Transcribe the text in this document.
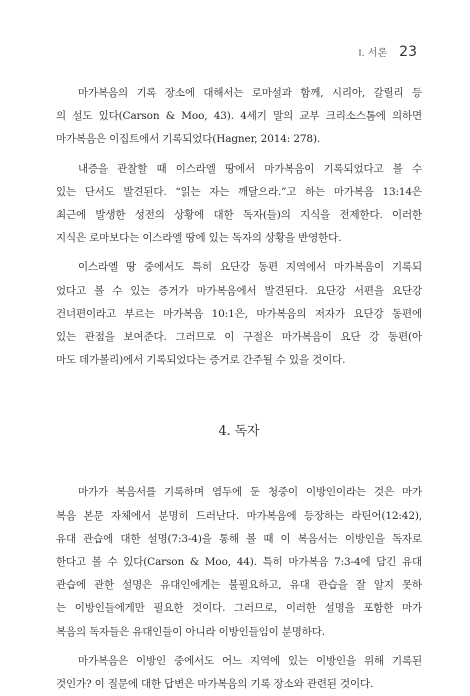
I. 서론 23

마가복음의 기록 장소에 대해서는 로마설과 함께, 시리아, 갈릴리 등
의 설도 있다(Carson & Moo, 43). 4세기 말의 교부 크리소스톰에 의하면
마가복음은 이집트에서 기록되었다(Hagner, 2014: 278).

내증을 관찰할 때 이스라엘 땅에서 마가복음이 기록되었다고 볼 수
있는 단서도 발견된다. “읽는 자는 깨달으라.”고 하는 마가복음 13:14은
최근에 발생한 성전의 상황에 대한 독자(들)의 지식을 전제한다. 이러한
지식은 로마보다는 이스라엘 땅에 있는 독자의 상황을 반영한다.

이스라엘 땅 중에서도 특히 요단강 동편 지역에서 마가복음이 기록되
었다고 볼 수 있는 증거가 마가복음에서 발견된다. 요단강 서편을 요단강
건너편이라고 부르는 마가복음 10:1은, 마가복음의 저자가 요단강 동편에
있는 관점을 보여준다. 그러므로 이 구절은 마가복음이 요단 강 동편(아
마도 데가볼리)에서 기록되었다는 증거로 간주될 수 있을 것이다.

4. 독자

마가가 복음서를 기록하며 염두에 둔 청중이 이방인이라는 것은 마가
복음 본문 자체에서 분명히 드러난다. 마가복음에 등장하는 라틴어(12:42),
유대 관습에 대한 설명(7:3-4)을 통해 볼 때 이 복음서는 이방인을 독자로
한다고 볼 수 있다(Carson & Moo, 44). 특히 마가복음 7:3-4에 담긴 유대
관습에 관한 설명은 유대인에게는 불필요하고, 유대 관습을 잘 알지 못하
는 이방인들에게만 필요한 것이다. 그러므로, 이러한 설명을 포함한 마가
복음의 독자들은 유대인들이 아니라 이방인들임이 분명하다.

마가복음은 이방인 중에서도 어느 지역에 있는 이방인을 위해 기록된
것인가? 이 질문에 대한 답변은 마가복음의 기록 장소와 관련된 것이다.
